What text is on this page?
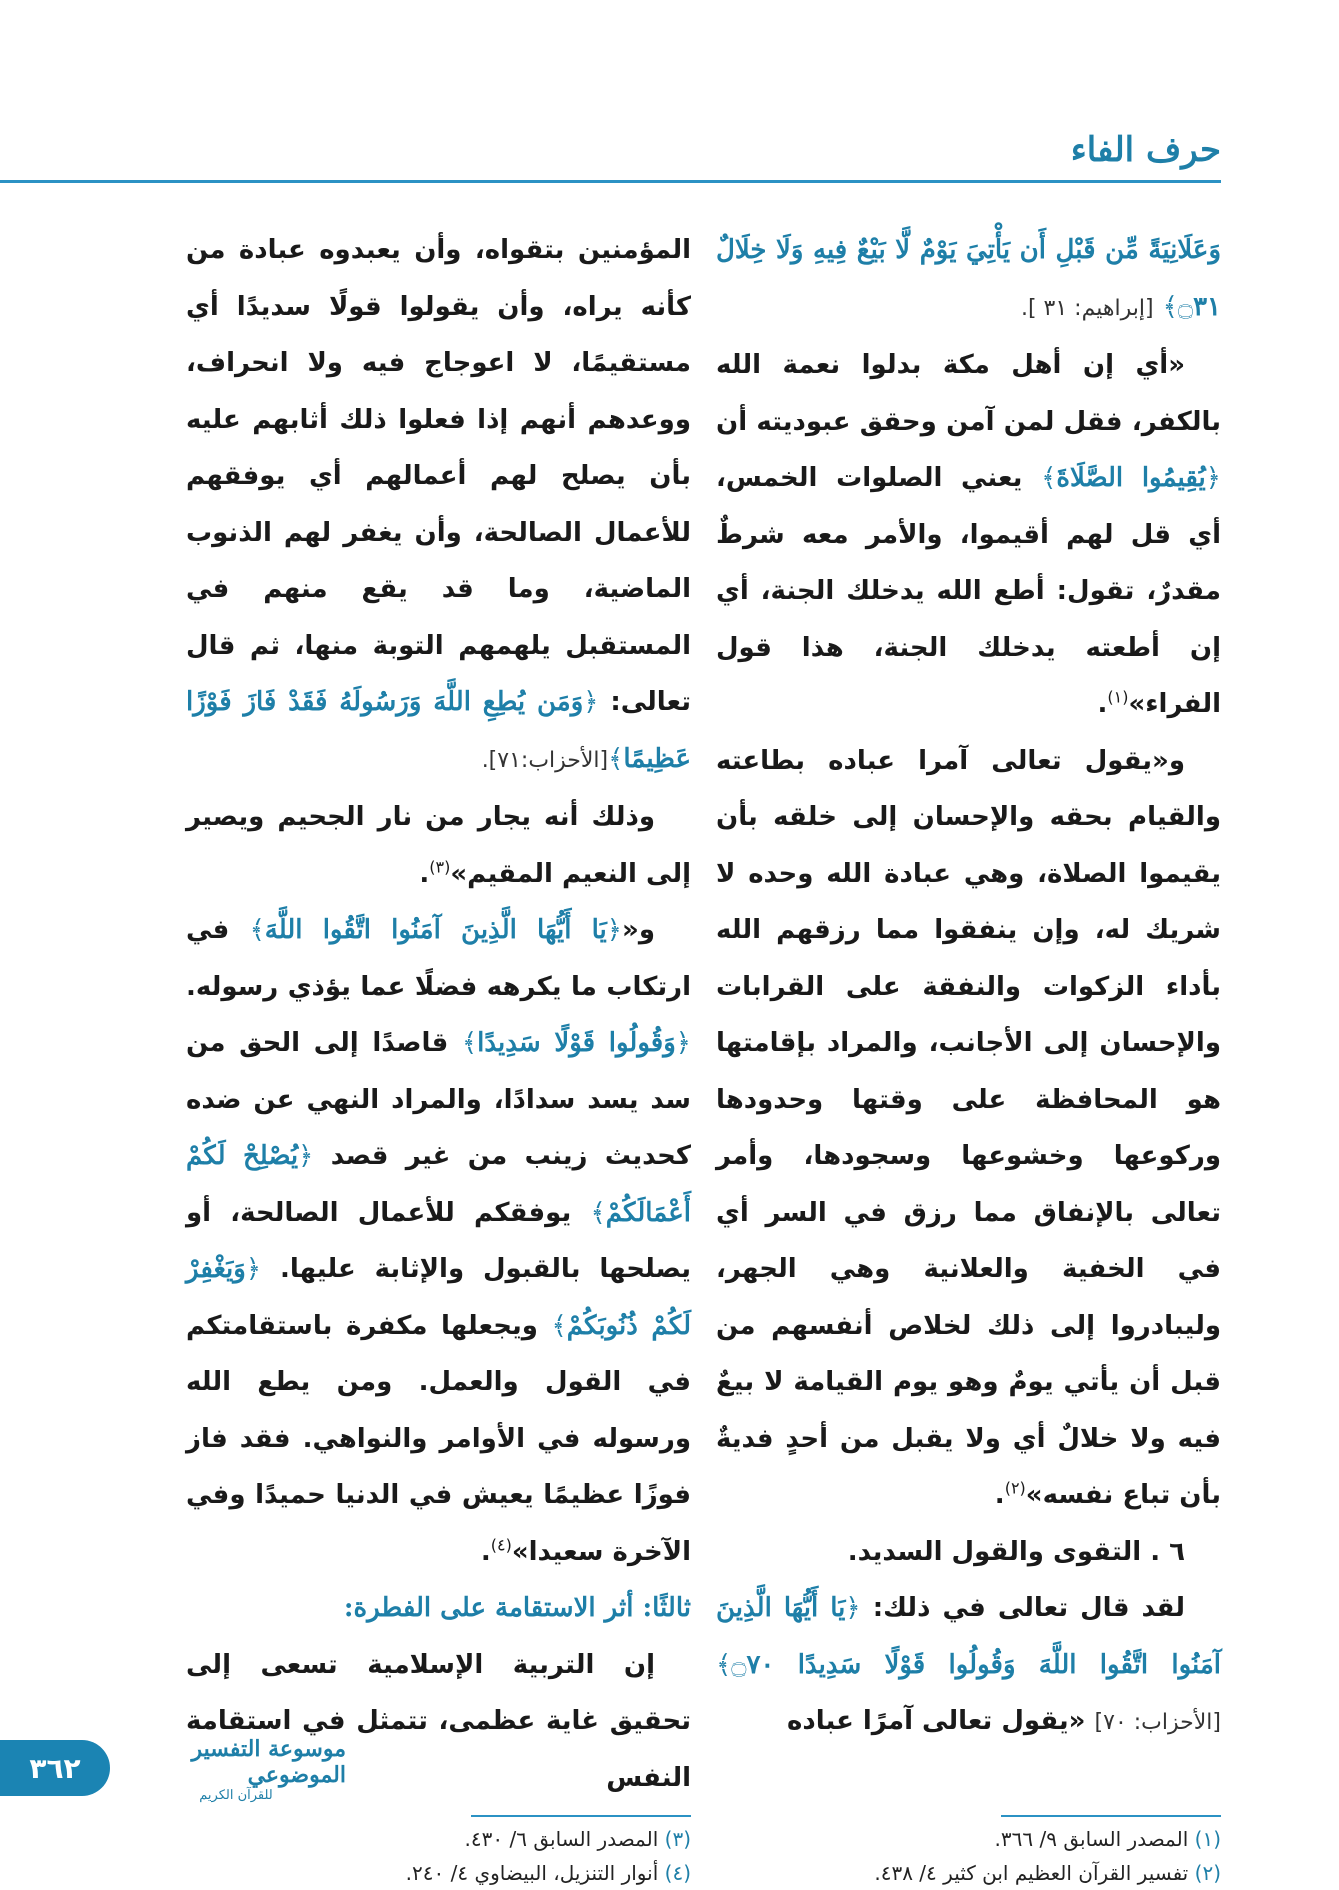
حرف الفاء

وَعَلَانِيَةً مِّن قَبْلِ أَن يَأْتِيَ يَوْمٌ لَّا بَيْعٌ فِيهِ وَلَا خِلَالٌ ۝٣١﴾ [إبراهيم: ٣١ ].

«أي إن أهل مكة بدلوا نعمة الله بالكفر، فقل لمن آمن وحقق عبوديته أن ﴿يُقِيمُوا الصَّلَاةَ﴾ يعني الصلوات الخمس، أي قل لهم أقيموا، والأمر معه شرطٌ مقدرٌ، تقول: أطع الله يدخلك الجنة، أي إن أطعته يدخلك الجنة، هذا قول الفراء»$^{(١)}$.

و«يقول تعالى آمرا عباده بطاعته والقيام بحقه والإحسان إلى خلقه بأن يقيموا الصلاة، وهي عبادة الله وحده لا شريك له، وإن ينفقوا مما رزقهم الله بأداء الزكوات والنفقة على القرابات والإحسان إلى الأجانب، والمراد بإقامتها هو المحافظة على وقتها وحدودها وركوعها وخشوعها وسجودها، وأمر تعالى بالإنفاق مما رزق في السر أي في الخفية والعلانية وهي الجهر، وليبادروا إلى ذلك لخلاص أنفسهم من قبل أن يأتي يومٌ وهو يوم القيامة لا بيعٌ فيه ولا خلالٌ أي ولا يقبل من أحدٍ فديةٌ بأن تباع نفسه»$^{(٢)}$.

٦ . التقوى والقول السديد.

لقد قال تعالى في ذلك: ﴿يَا أَيُّهَا الَّذِينَ آمَنُوا اتَّقُوا اللَّهَ وَقُولُوا قَوْلًا سَدِيدًا ۝٧٠﴾ [الأحزاب: ٧٠] «يقول تعالى آمرًا عباده

المؤمنين بتقواه، وأن يعبدوه عبادة من كأنه يراه، وأن يقولوا قولًا سديدًا أي مستقيمًا، لا اعوجاج فيه ولا انحراف، ووعدهم أنهم إذا فعلوا ذلك أثابهم عليه بأن يصلح لهم أعمالهم أي يوفقهم للأعمال الصالحة، وأن يغفر لهم الذنوب الماضية، وما قد يقع منهم في المستقبل يلهمهم التوبة منها، ثم قال تعالى: ﴿وَمَن يُطِعِ اللَّهَ وَرَسُولَهُ فَقَدْ فَازَ فَوْزًا عَظِيمًا﴾[الأحزاب:٧١].

وذلك أنه يجار من نار الجحيم ويصير إلى النعيم المقيم»$^{(٣)}$.

و«﴿يَا أَيُّهَا الَّذِينَ آمَنُوا اتَّقُوا اللَّهَ﴾ في ارتكاب ما يكرهه فضلًا عما يؤذي رسوله. ﴿وَقُولُوا قَوْلًا سَدِيدًا﴾ قاصدًا إلى الحق من سد يسد سدادًا، والمراد النهي عن ضده كحديث زينب من غير قصد ﴿يُصْلِحْ لَكُمْ أَعْمَالَكُمْ﴾ يوفقكم للأعمال الصالحة، أو يصلحها بالقبول والإثابة عليها. ﴿وَيَغْفِرْ لَكُمْ ذُنُوبَكُمْ﴾ ويجعلها مكفرة باستقامتكم في القول والعمل. ومن يطع الله ورسوله في الأوامر والنواهي. فقد فاز فوزًا عظيمًا يعيش في الدنيا حميدًا وفي الآخرة سعيدا»$^{(٤)}$.

ثالثًا: أثر الاستقامة على الفطرة:

إن التربية الإسلامية تسعى إلى تحقيق غاية عظمى، تتمثل في استقامة النفس

(١) المصدر السابق ٩/ ٣٦٦.
(٢) تفسير القرآن العظيم ابن كثير ٤/ ٤٣٨.
(٣) المصدر السابق ٦/ ٤٣٠.
(٤) أنوار التنزيل، البيضاوي ٤/ ٢٤٠.
٣٦٢
موسوعة التفسير الموضوعي
للقرآن الكريم
